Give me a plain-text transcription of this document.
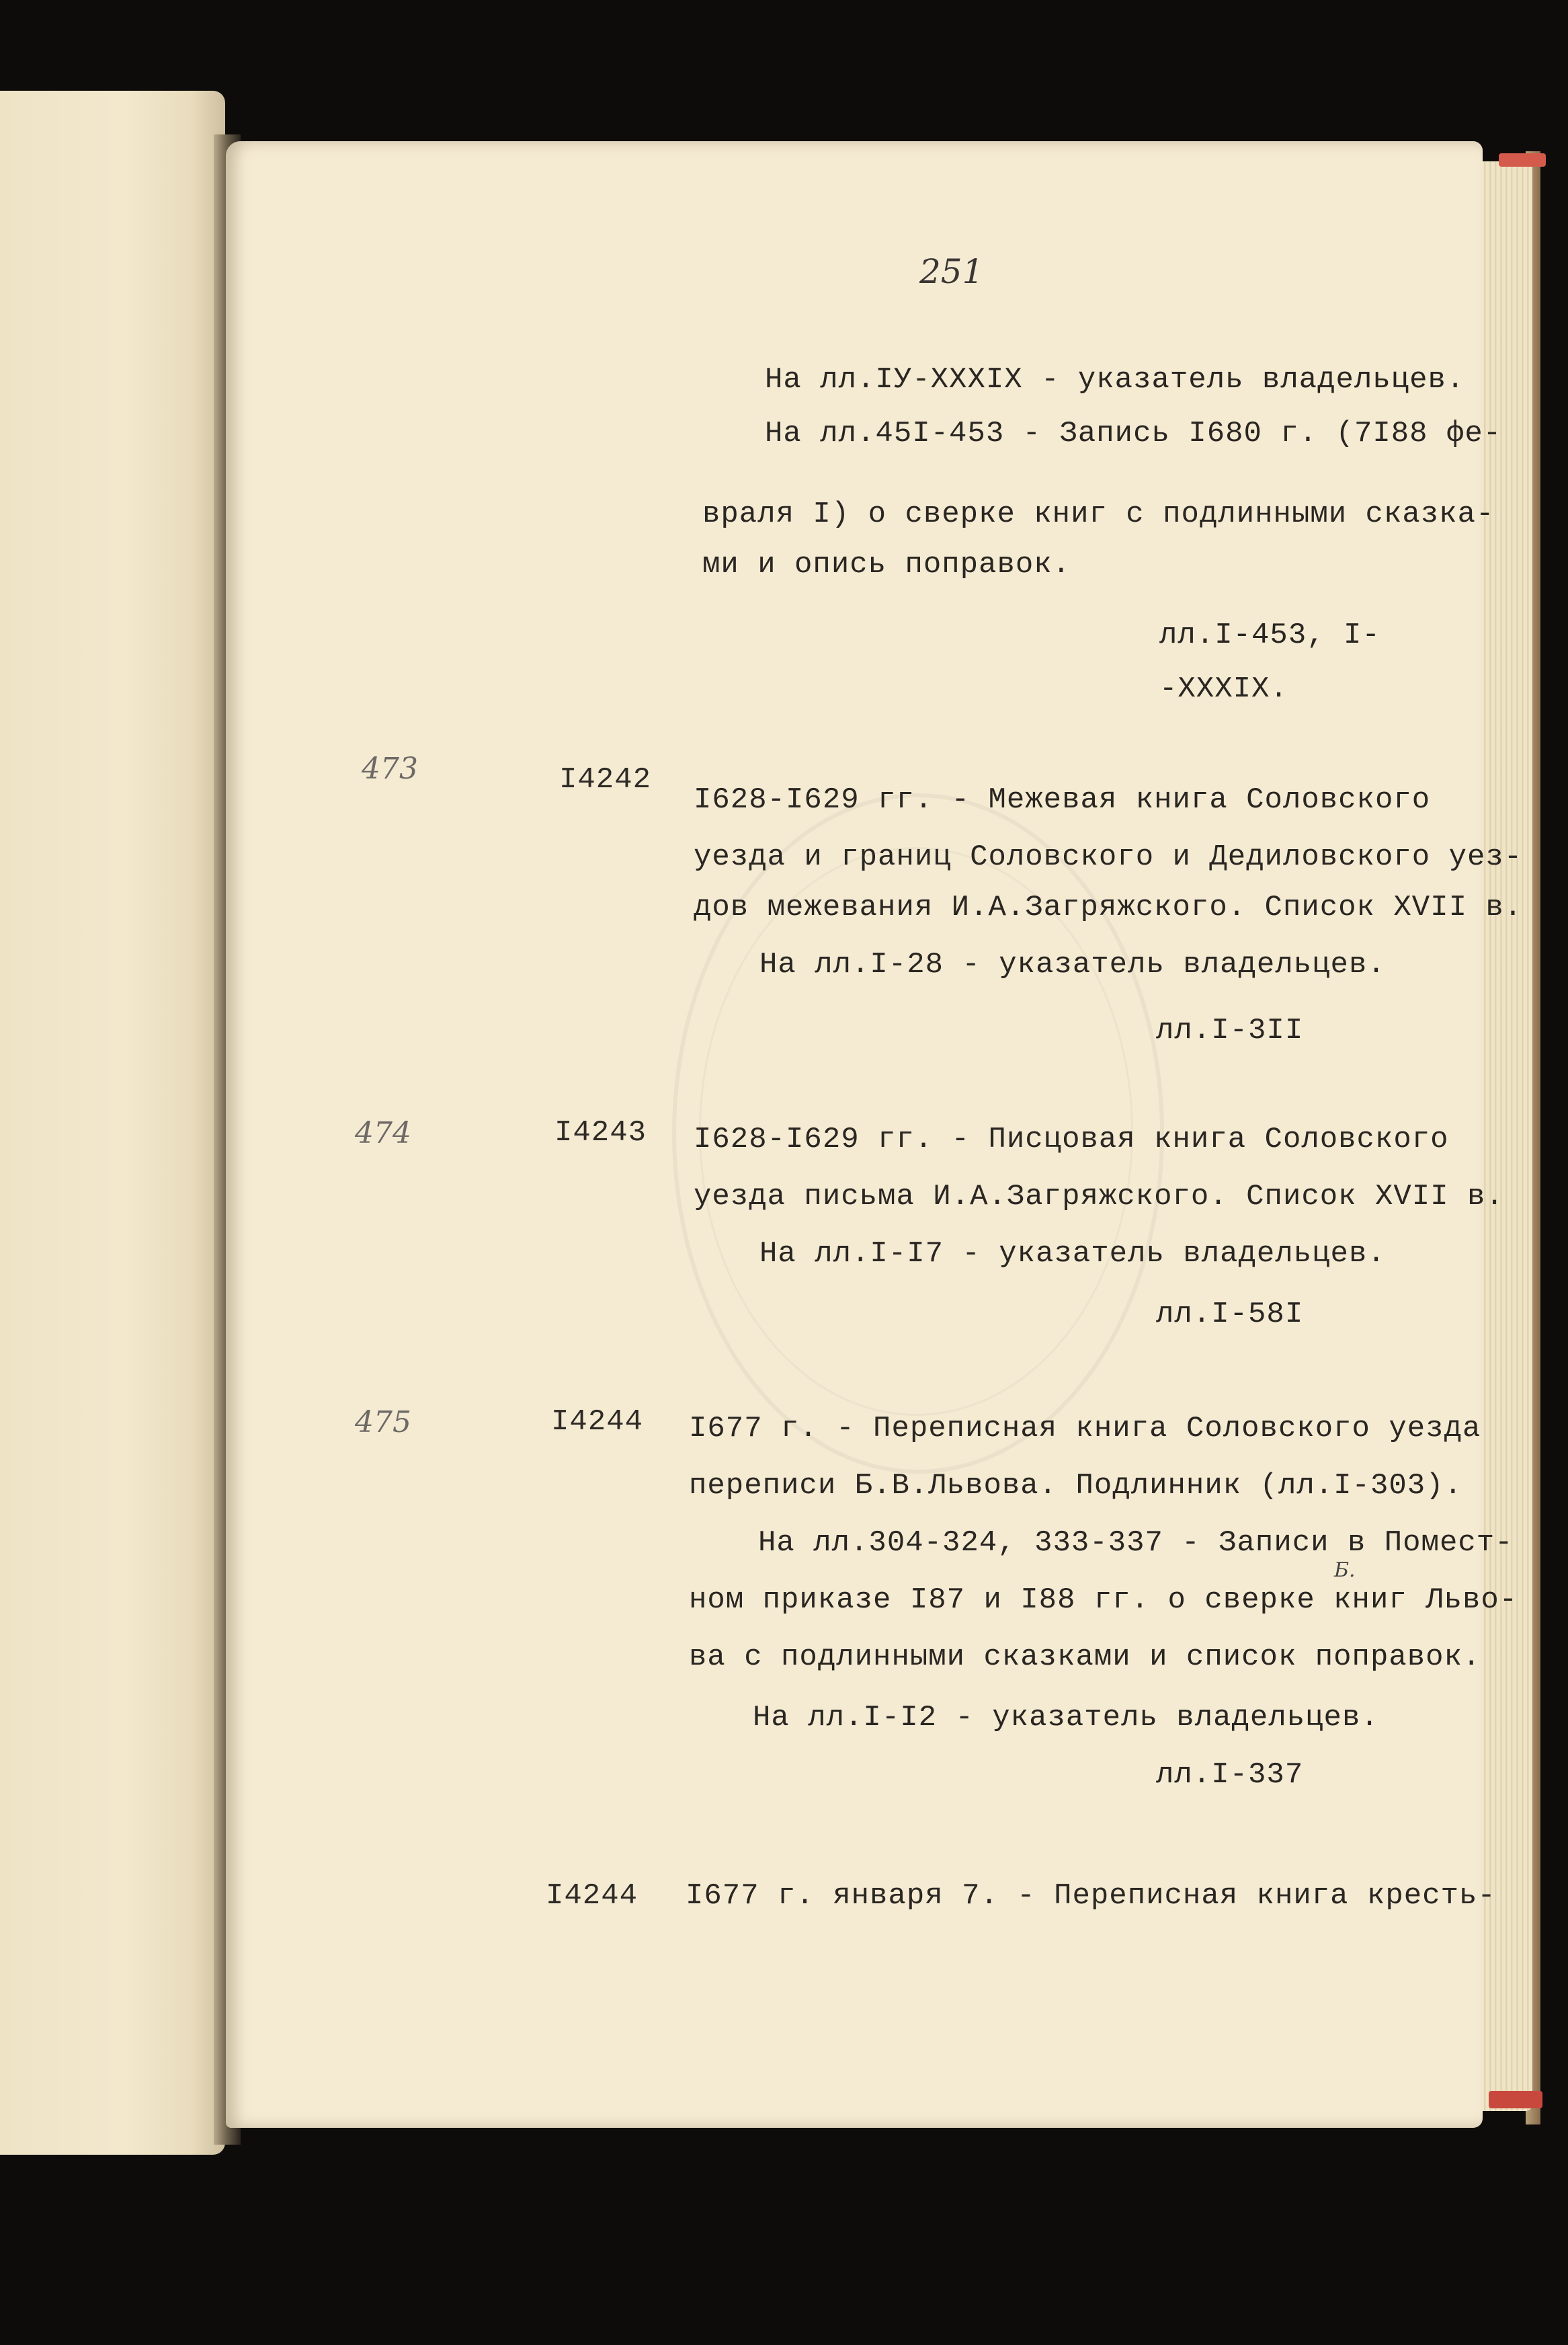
251
На лл.IУ-XXXIX - указатель владельцев.
На лл.45I-453 - Запись I680 г. (7I88 фе-
враля I) о сверке книг с подлинными сказка-
ми и опись поправок.
лл.I-453, I-
-XXXIX.
473	I4242
I628-I629 гг. - Межевая книга Соловского
уезда и границ Соловского и Дедиловского уез-
дов межевания И.А.Загряжского. Список XVII в.
На лл.I-28 - указатель владельцев.
лл.I-3II
474	I4243 I628-I629 гг. - Писцовая книга Соловского
уезда письма И.А.Загряжского. Список XVII в.
На лл.I-I7 - указатель владельцев.
лл.I-58I
475	I4244 I677 г. - Переписная книга Соловского уезда
переписи Б.В.Львова. Подлинник (лл.I-303).
На лл.304-324, 333-337 - Записи в Помест-
Б.
ном приказе I87 и I88 гг. о сверке книг Льво-
ва с подлинными сказками и список поправок.
На лл.I-I2 - указатель владельцев.
лл.I-337
I4244 I677 г. января 7. - Переписная книга кресть-
